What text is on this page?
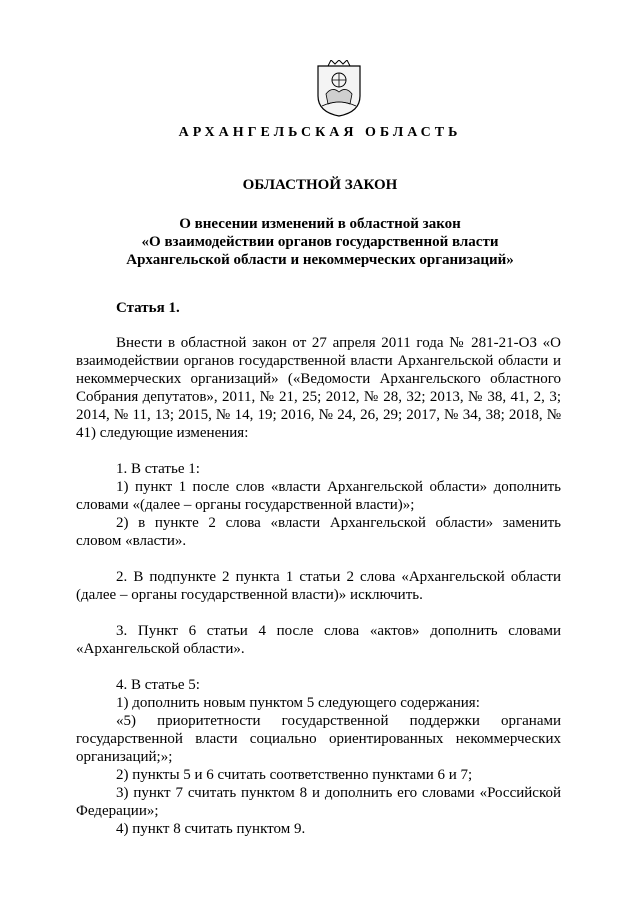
АРХАНГЕЛЬСКАЯ ОБЛАСТЬ
ОБЛАСТНОЙ ЗАКОН
О внесении изменений в областной закон
«О взаимодействии органов государственной власти
Архангельской области и некоммерческих организаций»
Статья 1.

Внести в областной закон от 27 апреля 2011 года № 281-21-ОЗ «О взаимодействии органов государственной власти Архангельской области и некоммерческих организаций» («Ведомости Архангельского областного Собрания депутатов», 2011, № 21, 25; 2012, № 28, 32; 2013, № 38, 41, 2, 3; 2014, № 11, 13; 2015, № 14, 19; 2016, № 24, 26, 29; 2017, № 34, 38; 2018, № 41) следующие изменения:

1. В статье 1:

1) пункт 1 после слов «власти Архангельской области» дополнить словами «(далее – органы государственной власти)»;

2) в пункте 2 слова «власти Архангельской области» заменить словом «власти».

2. В подпункте 2 пункта 1 статьи 2 слова «Архангельской области (далее – органы государственной власти)» исключить.

3. Пункт 6 статьи 4 после слова «актов» дополнить словами «Архангельской области».

4. В статье 5:

1) дополнить новым пунктом 5 следующего содержания:

«5) приоритетности государственной поддержки органами государственной власти социально ориентированных некоммерческих организаций;»;

2) пункты 5 и 6 считать соответственно пунктами 6 и 7;

3) пункт 7 считать пунктом 8 и дополнить его словами «Российской Федерации»;

4) пункт 8 считать пунктом 9.
